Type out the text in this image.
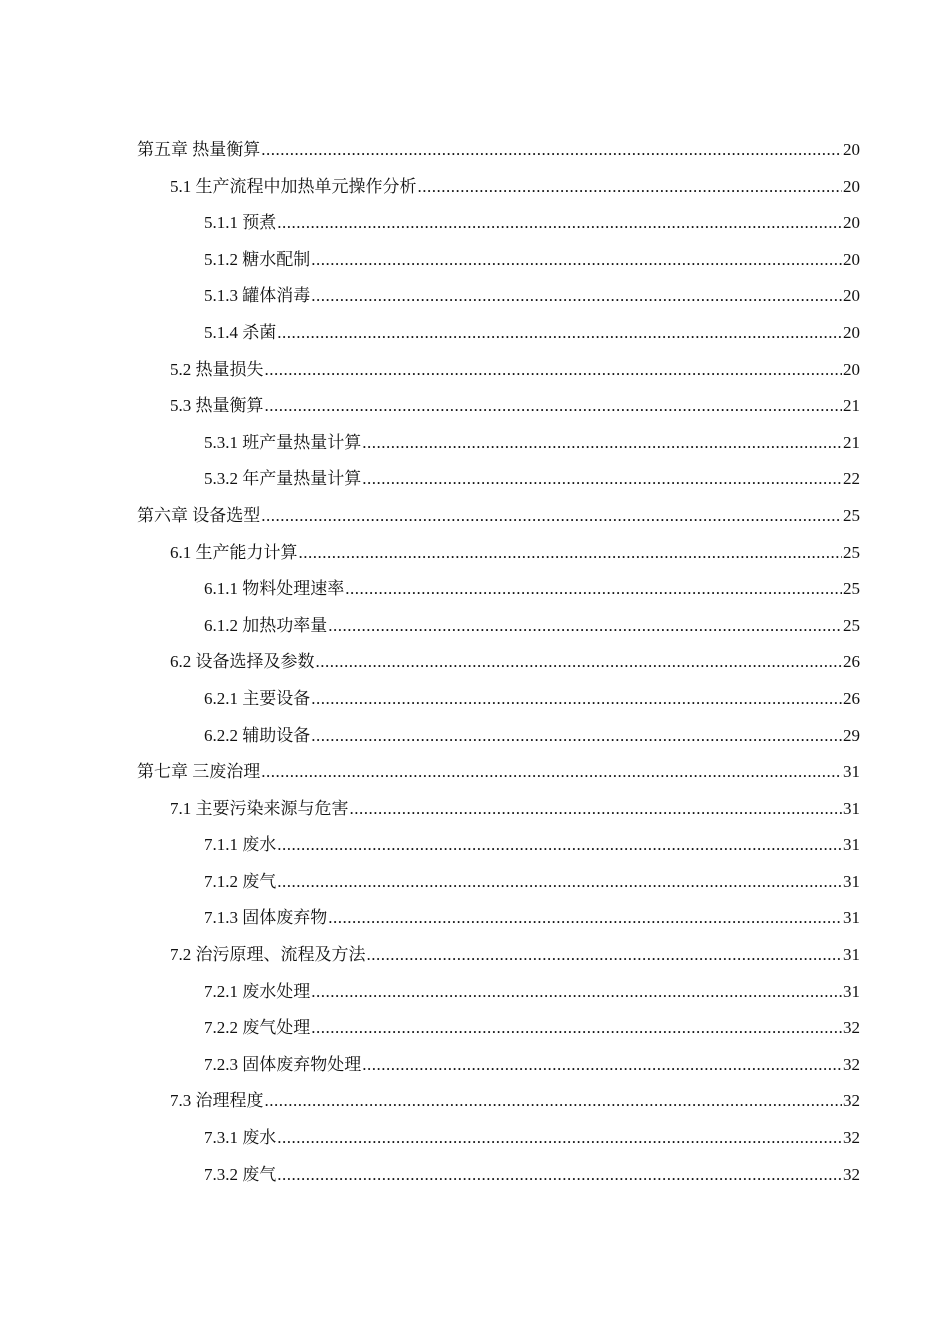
第五章 热量衡算 .....	20
5.1 生产流程中加热单元操作分析 .....	20
5.1.1 预煮 .....	20
5.1.2 糖水配制 .....	20
5.1.3 罐体消毒 .....	20
5.1.4 杀菌 .....	20
5.2 热量损失 .....	20
5.3 热量衡算 .....	21
5.3.1 班产量热量计算 .....	21
5.3.2 年产量热量计算 .....	22
第六章 设备选型 .....	25
6.1 生产能力计算 .....	25
6.1.1 物料处理速率 .....	25
6.1.2 加热功率量 .....	25
6.2 设备选择及参数 .....	26
6.2.1 主要设备 .....	26
6.2.2 辅助设备 .....	29
第七章 三废治理 .....	31
7.1 主要污染来源与危害 .....	31
7.1.1 废水 .....	31
7.1.2 废气 .....	31
7.1.3 固体废弃物 .....	31
7.2 治污原理、流程及方法 .....	31
7.2.1 废水处理 .....	31
7.2.2 废气处理 .....	32
7.2.3 固体废弃物处理 .....	32
7.3 治理程度 .....	32
7.3.1 废水 .....	32
7.3.2 废气 .....	32
